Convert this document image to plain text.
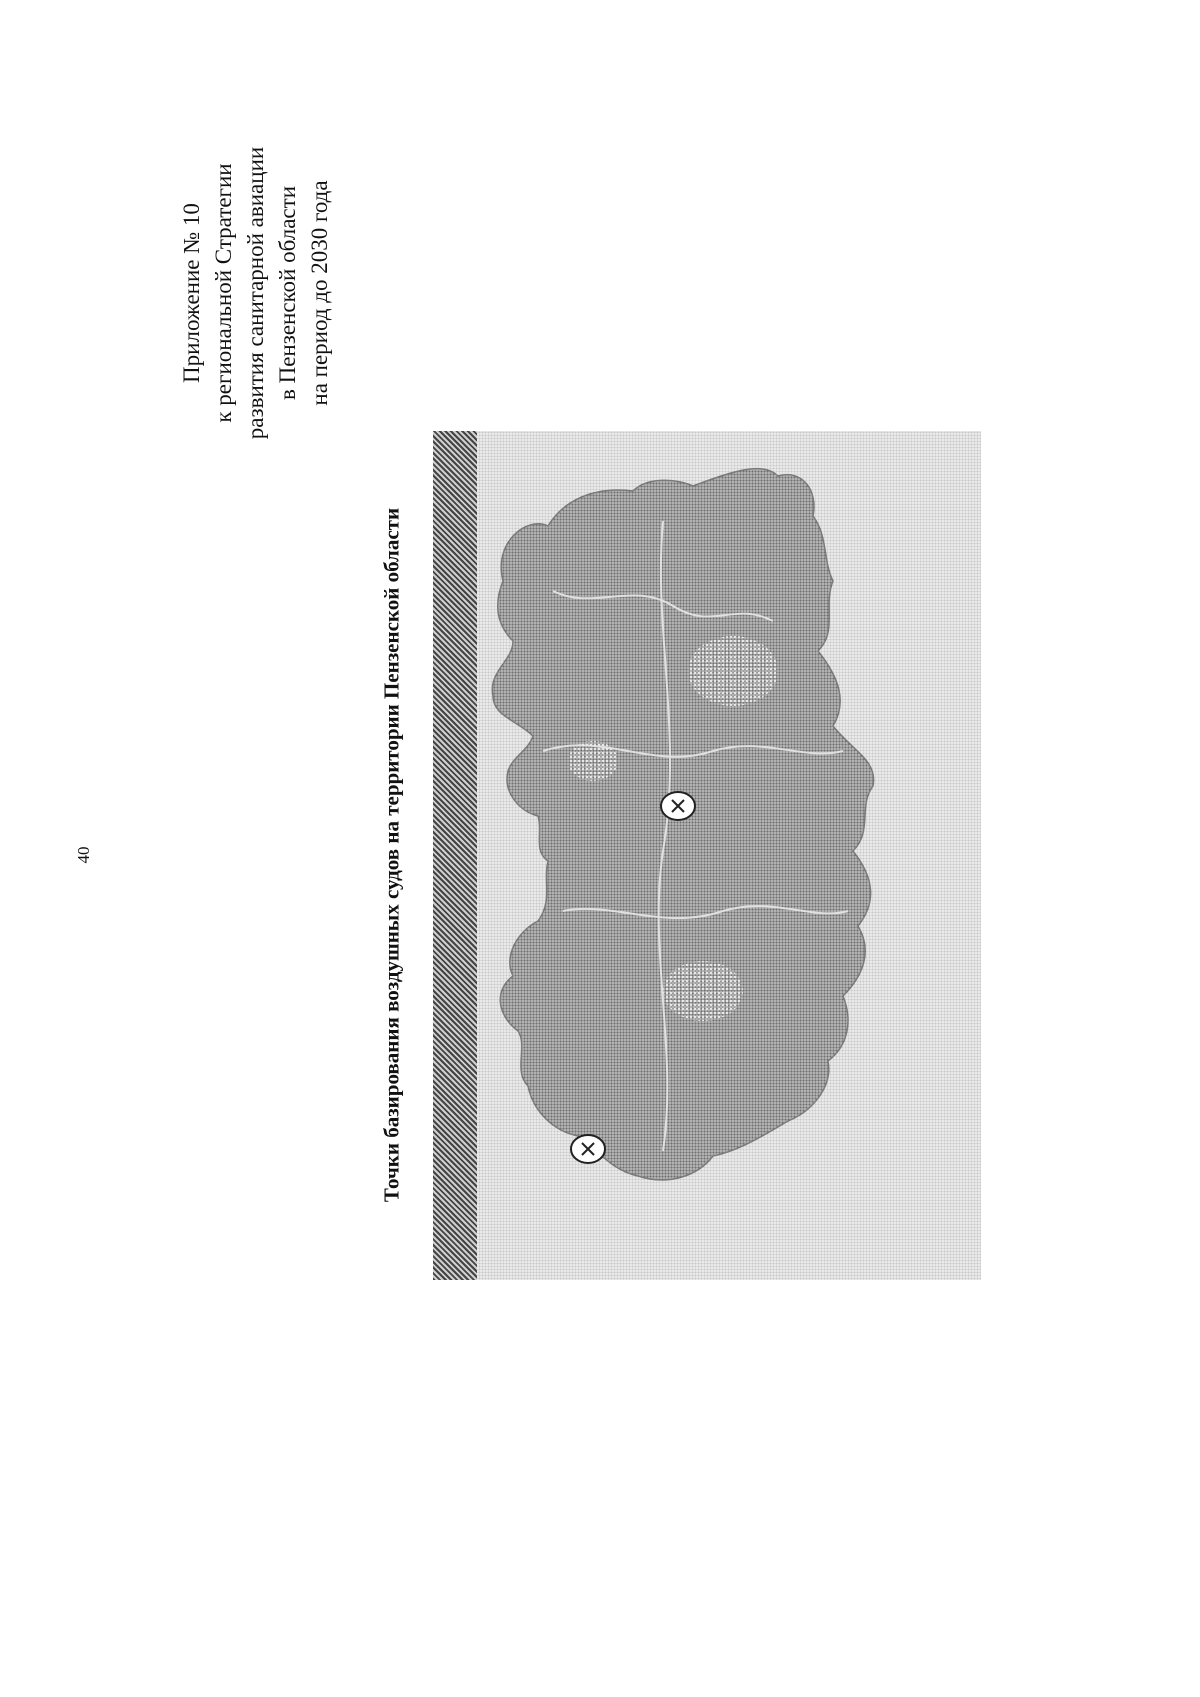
40
Приложение № 10 к региональной Стратегии развития санитарной авиации в Пензенской области на период до 2030 года
Точки базирования воздушных судов на территории Пензенской области
